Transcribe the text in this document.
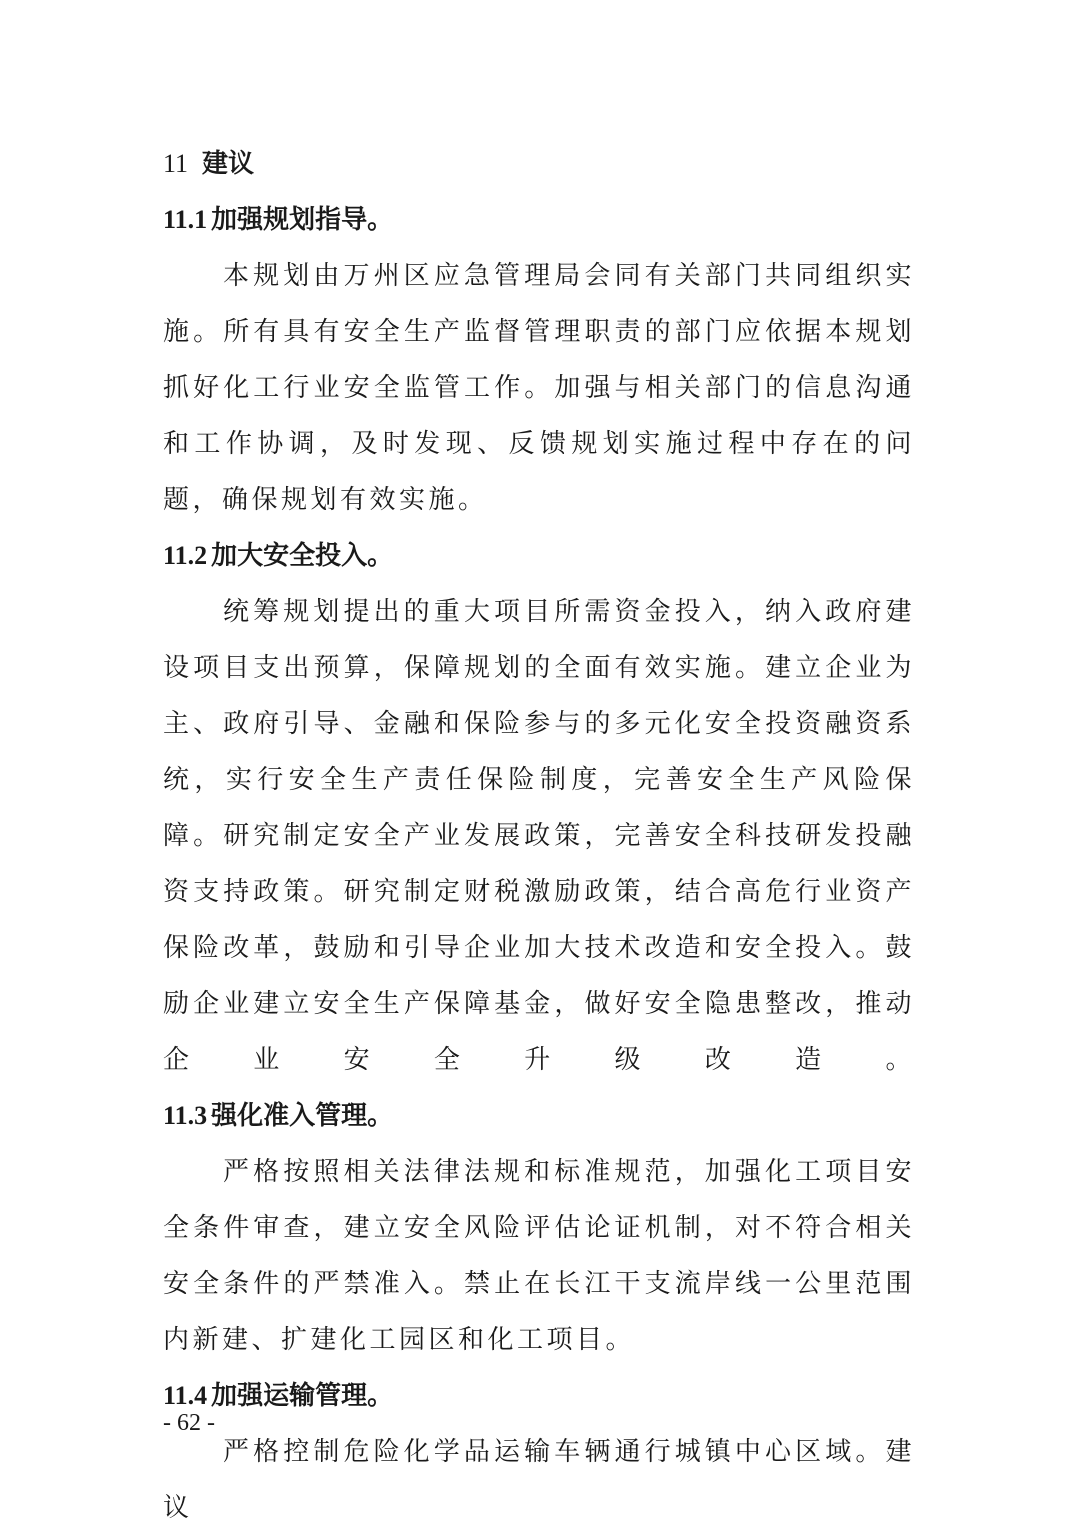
11 建议
11.1 加强规划指导。

本规划由万州区应急管理局会同有关部门共同组织实施。所有具有安全生产监督管理职责的部门应依据本规划抓好化工行业安全监管工作。加强与相关部门的信息沟通和工作协调，及时发现、反馈规划实施过程中存在的问题，确保规划有效实施。

11.2 加大安全投入。

统筹规划提出的重大项目所需资金投入，纳入政府建设项目支出预算，保障规划的全面有效实施。建立企业为主、政府引导、金融和保险参与的多元化安全投资融资系统，实行安全生产责任保险制度，完善安全生产风险保障。研究制定安全产业发展政策，完善安全科技研发投融资支持政策。研究制定财税激励政策，结合高危行业资产保险改革，鼓励和引导企业加大技术改造和安全投入。鼓励企业建立安全生产保障基金，做好安全隐患整改，推动企业安全升级改造。

11.3 强化准入管理。

严格按照相关法律法规和标准规范，加强化工项目安全条件审查，建立安全风险评估论证机制，对不符合相关安全条件的严禁准入。禁止在长江干支流岸线一公里范围内新建、扩建化工园区和化工项目。

11.4 加强运输管理。

严格控制危险化学品运输车辆通行城镇中心区域。建议

- 62 -
